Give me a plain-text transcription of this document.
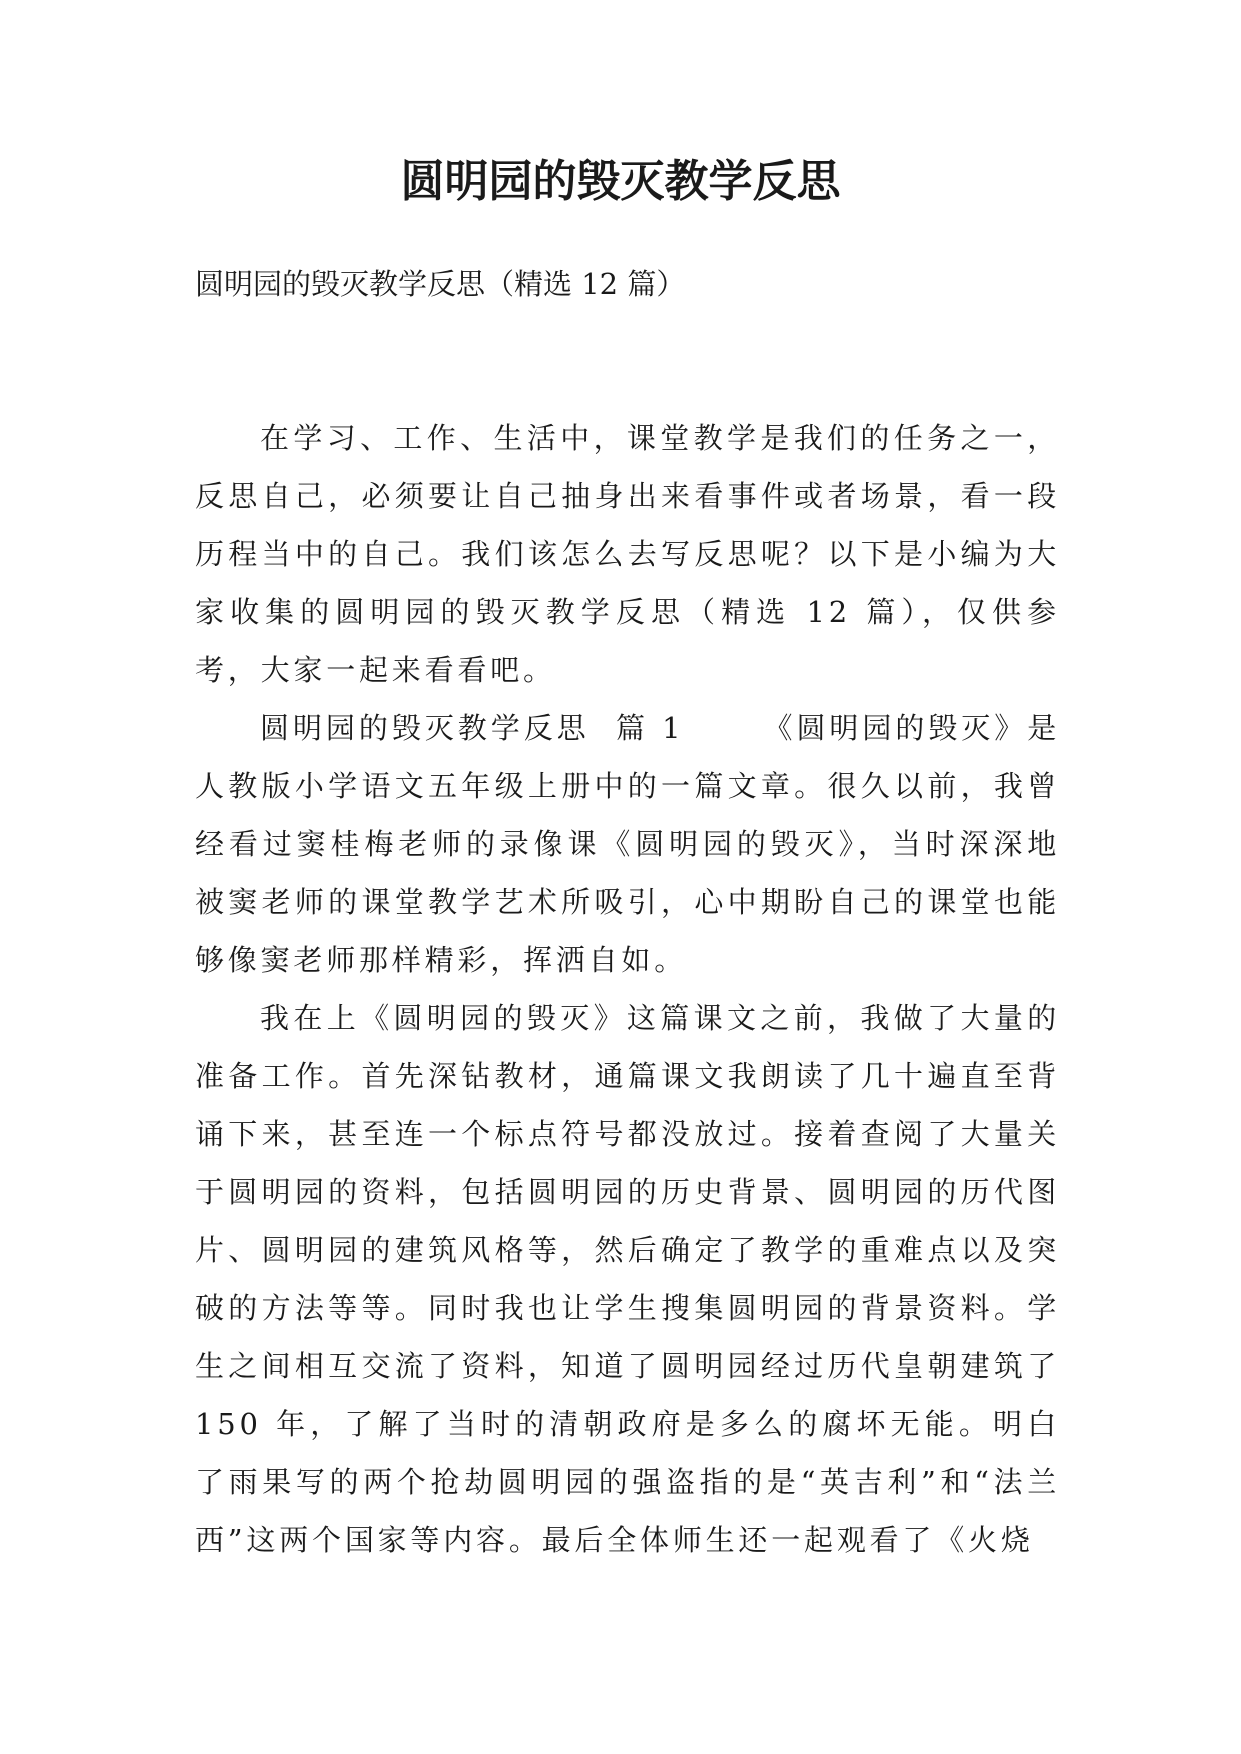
圆明园的毁灭教学反思

圆明园的毁灭教学反思（精选 12 篇）

在学习、工作、生活中，课堂教学是我们的任务之一，反思自己，必须要让自己抽身出来看事件或者场景，看一段历程当中的自己。我们该怎么去写反思呢？以下是小编为大家收集的圆明园的毁灭教学反思（精选 12 篇），仅供参考，大家一起来看看吧。

圆明园的毁灭教学反思  篇 1      《圆明园的毁灭》是人教版小学语文五年级上册中的一篇文章。很久以前，我曾经看过窦桂梅老师的录像课《圆明园的毁灭》，当时深深地被窦老师的课堂教学艺术所吸引，心中期盼自己的课堂也能够像窦老师那样精彩，挥洒自如。

我在上《圆明园的毁灭》这篇课文之前，我做了大量的准备工作。首先深钻教材，通篇课文我朗读了几十遍直至背诵下来，甚至连一个标点符号都没放过。接着查阅了大量关于圆明园的资料，包括圆明园的历史背景、圆明园的历代图片、圆明园的建筑风格等，然后确定了教学的重难点以及突破的方法等等。同时我也让学生搜集圆明园的背景资料。学生之间相互交流了资料，知道了圆明园经过历代皇朝建筑了 150 年，了解了当时的清朝政府是多么的腐坏无能。明白了雨果写的两个抢劫圆明园的强盗指的是“英吉利”和“法兰西”这两个国家等内容。最后全体师生还一起观看了《火烧
